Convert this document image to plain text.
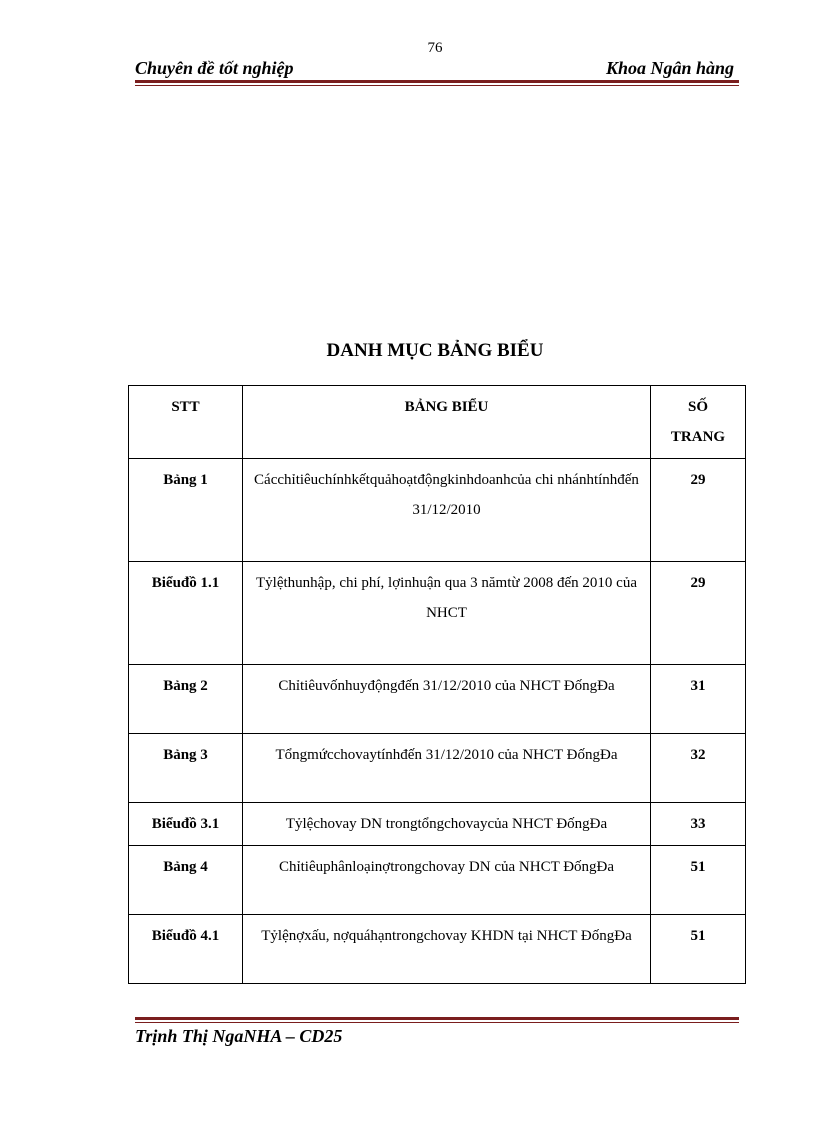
76
Chuyên đề tốt nghiệp	Khoa Ngân hàng
DANH MỤC BẢNG BIỂU
STT	BẢNG BIỂU	SỐ
TRANG
Bảng 1	Cácchỉtiêuchínhkếtquảhoạtđộngkinhdoanhcủa chi nhánhtínhđến 31/12/2010	29
Biểuđồ 1.1	Tỷlệthunhập, chi phí, lợinhuận qua 3 nămtừ 2008 đến 2010 của NHCT	29
Bảng 2	Chỉtiêuvốnhuyđộngđến 31/12/2010 của NHCT ĐốngĐa	31
Bảng 3	Tổngmứcchovaytínhđến 31/12/2010 của NHCT ĐốngĐa	32
Biểuđồ 3.1	Tỷlệchovay DN trongtổngchovaycủa NHCT ĐốngĐa	33
Bảng 4	Chỉtiêuphânloạinợtrongchovay DN của NHCT ĐốngĐa	51
Biểuđồ 4.1	Tỷlệnợxấu, nợquáhạntrongchovay KHDN tại NHCT ĐốngĐa	51
Trịnh Thị NgaNHA – CD25
